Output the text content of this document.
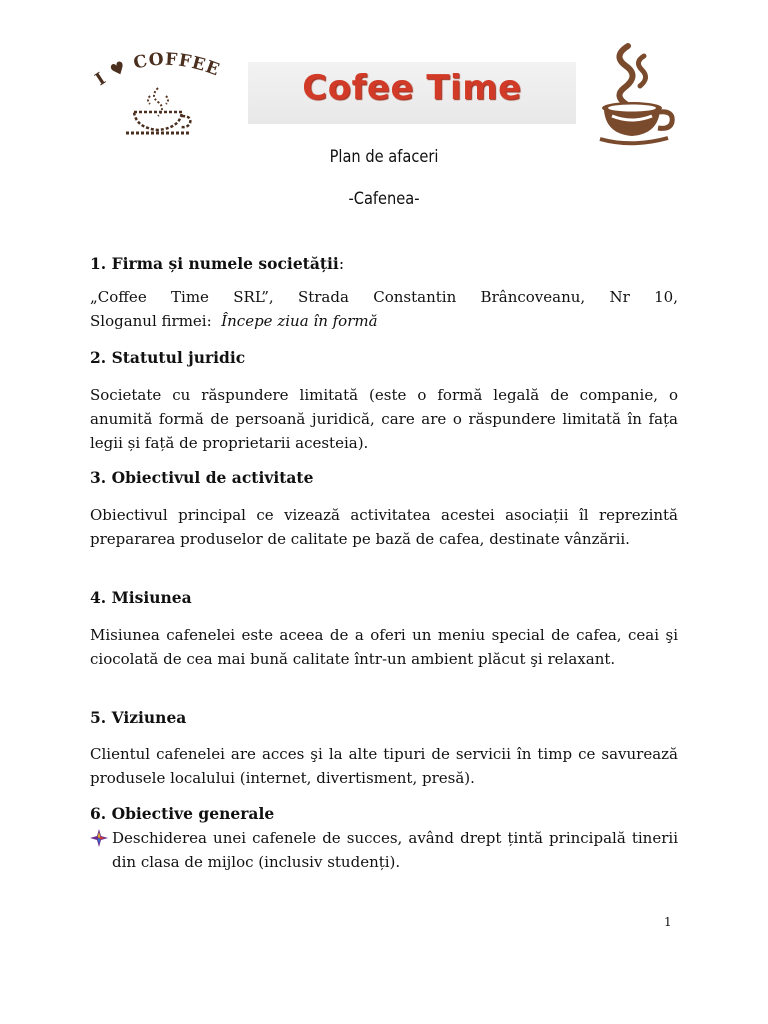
I ♥ COFFEE	Cofee Time
Plan de afaceri
-Cafenea-

1. Firma și numele societății:

„Coffee Time SRL”, Strada Constantin Brâncoveanu, Nr 10,

Sloganul firmei: Începe ziua în formă

2. Statutul juridic

Societate cu răspundere limitată (este o formă legală de companie, o anumită formă de persoană juridică, care are o răspundere limitată în fața legii și față de proprietarii acesteia).

3. Obiectivul de activitate

Obiectivul principal ce vizează activitatea acestei asociații îl reprezintă prepararea produselor de calitate pe bază de cafea, destinate vânzării.

4. Misiunea

Misiunea cafenelei este aceea de a oferi un meniu special de cafea, ceai şi ciocolată de cea mai bună calitate într-un ambient plăcut şi relaxant.

5. Viziunea

Clientul cafenelei are acces şi la alte tipuri de servicii în timp ce savurează produsele localului (internet, divertisment, presă).

6. Obiective generale

Deschiderea unei cafenele de succes, având drept țintă principală tinerii din clasa de mijloc (inclusiv studenți).
1
